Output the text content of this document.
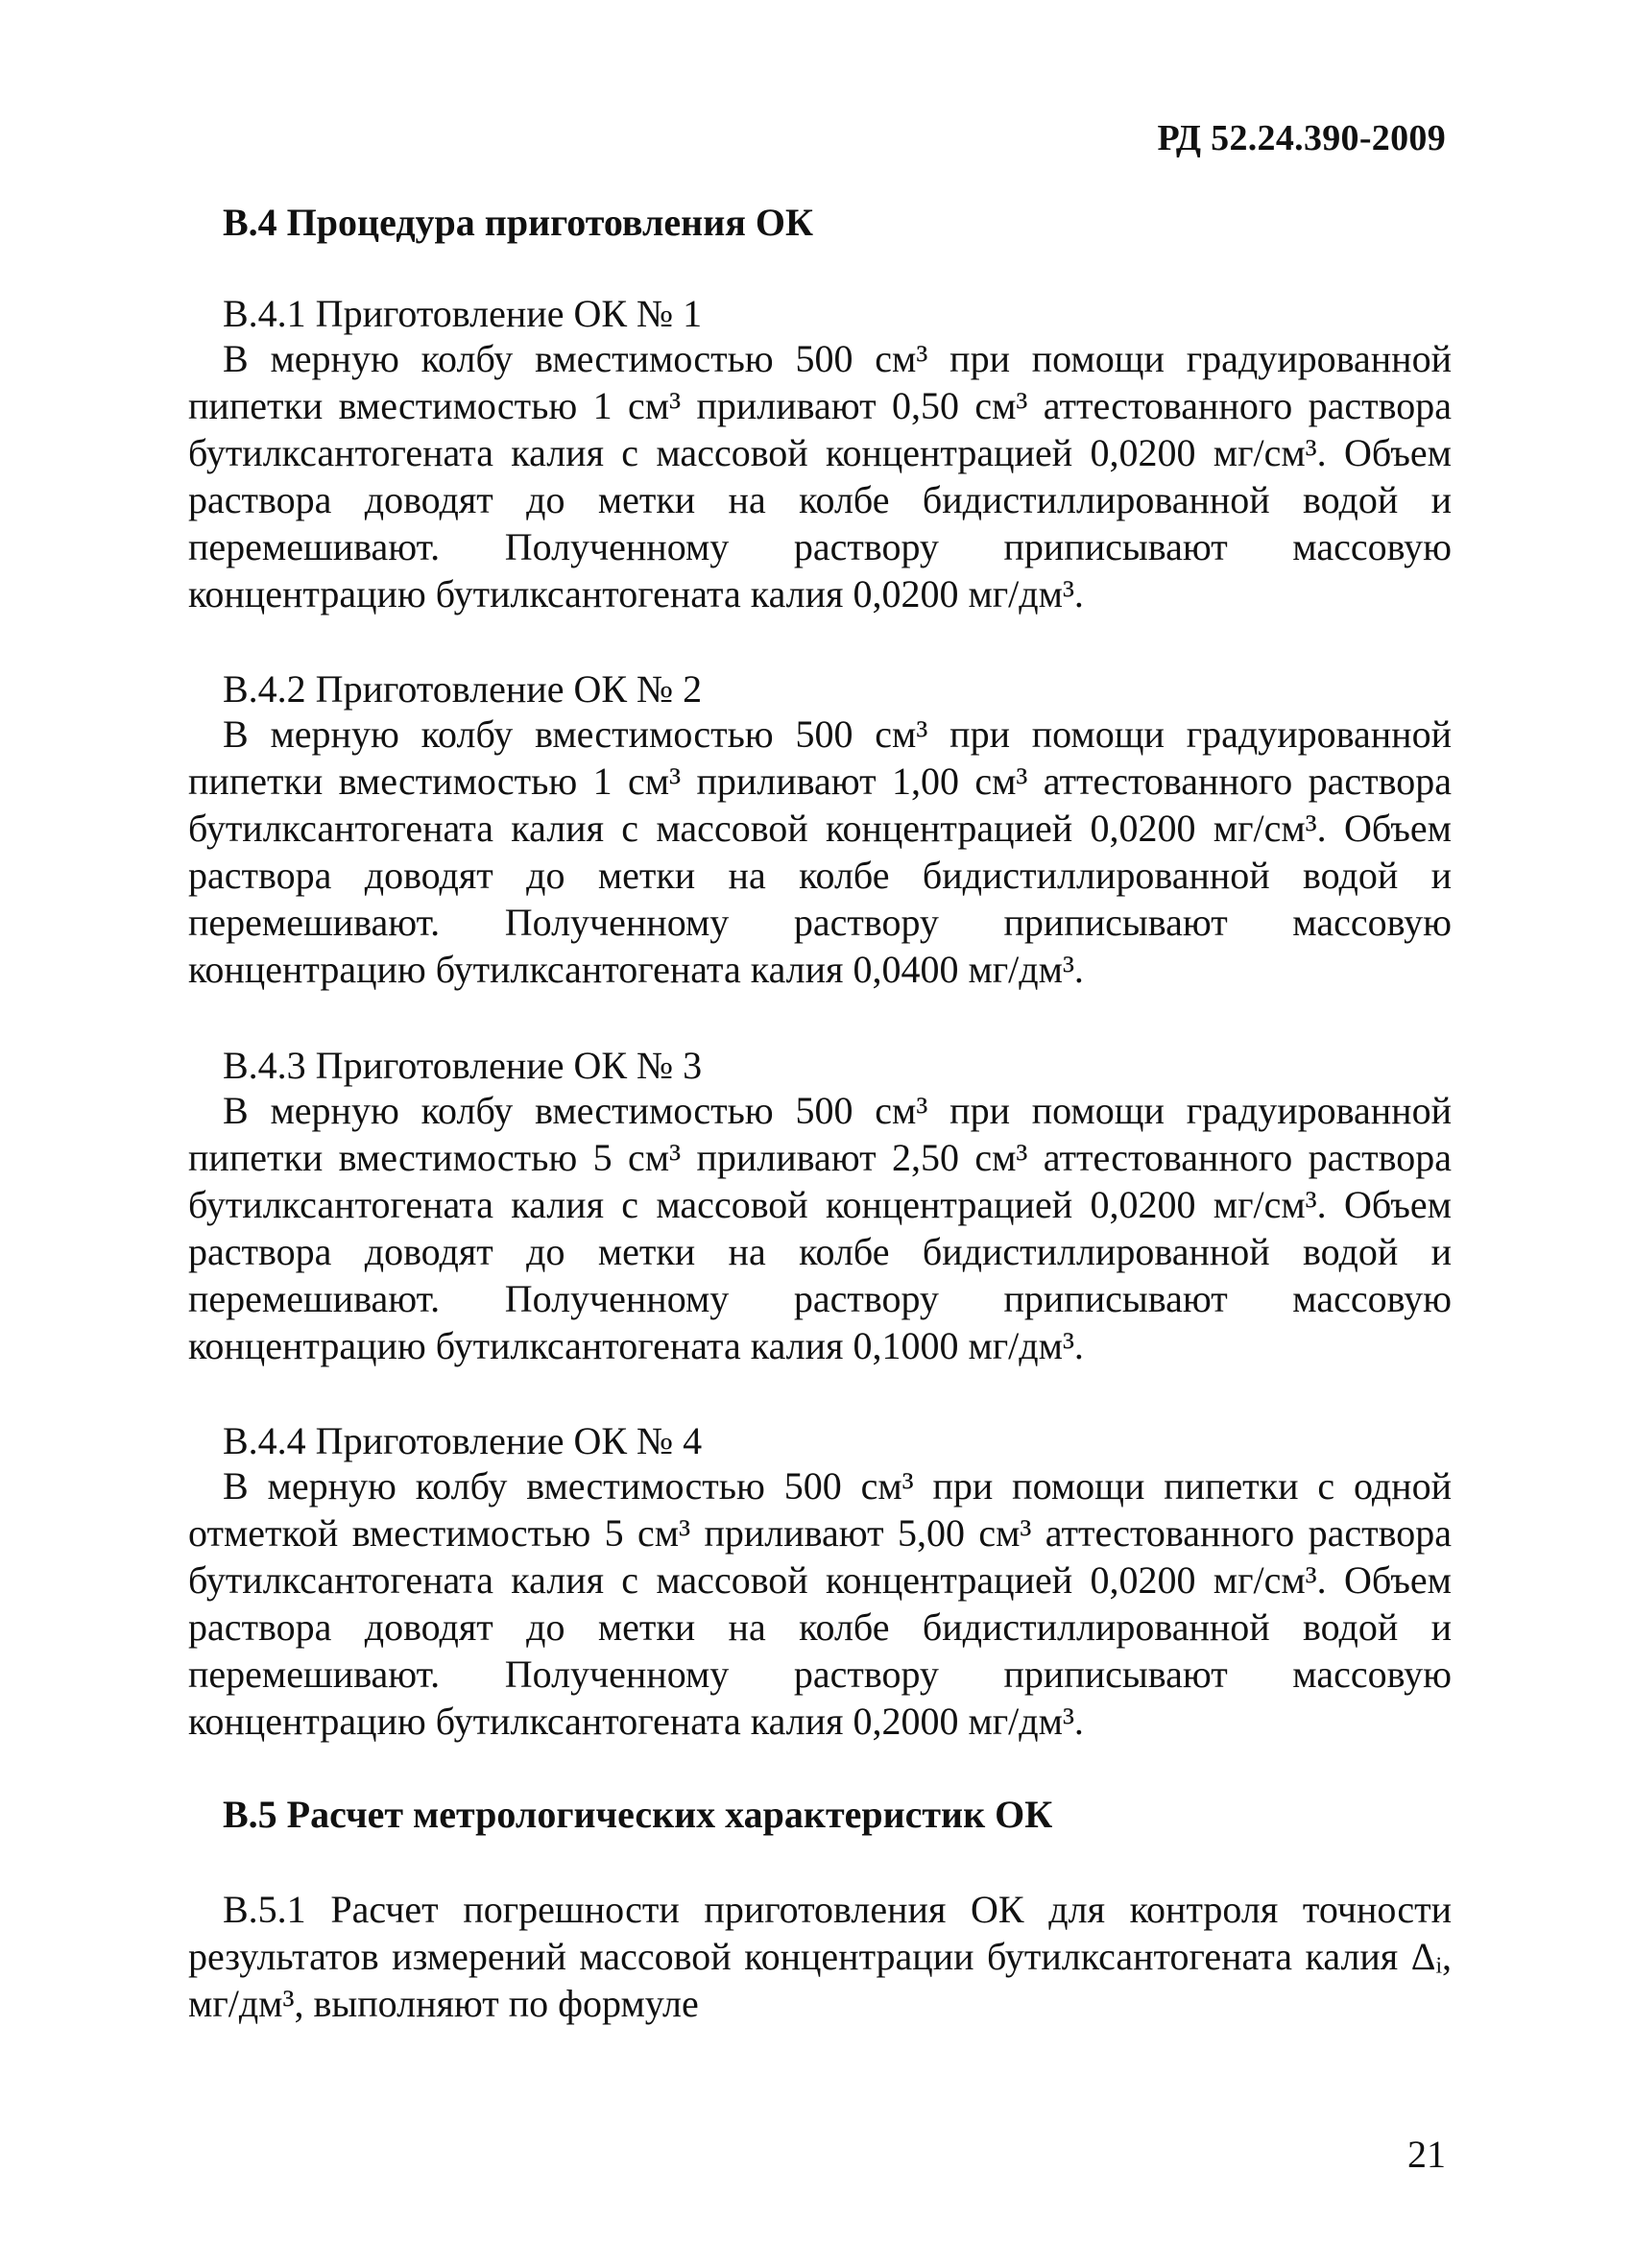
РД 52.24.390-2009
В.4 Процедура приготовления ОК
В.4.1 Приготовление ОК № 1
В мерную колбу вместимостью 500 см³ при помощи градуированной пипетки вместимостью 1 см³ приливают 0,50 см³ аттестованного раствора бутилксантогената калия с массовой концентрацией 0,0200 мг/см³. Объем раствора доводят до метки на колбе бидистиллированной водой и перемешивают. Полученному раствору приписывают массовую концентрацию бутилксантогената калия 0,0200 мг/дм³.
В.4.2 Приготовление ОК № 2
В мерную колбу вместимостью 500 см³ при помощи градуированной пипетки вместимостью 1 см³ приливают 1,00 см³ аттестованного раствора бутилксантогената калия с массовой концентрацией 0,0200 мг/см³. Объем раствора доводят до метки на колбе бидистиллированной водой и перемешивают. Полученному раствору приписывают массовую концентрацию бутилксантогената калия 0,0400 мг/дм³.
В.4.3 Приготовление ОК № 3
В мерную колбу вместимостью 500 см³ при помощи градуированной пипетки вместимостью 5 см³ приливают 2,50 см³ аттестованного раствора бутилксантогената калия с массовой концентрацией 0,0200 мг/см³. Объем раствора доводят до метки на колбе бидистиллированной водой и перемешивают. Полученному раствору приписывают массовую концентрацию бутилксантогената калия 0,1000 мг/дм³.
В.4.4 Приготовление ОК № 4
В мерную колбу вместимостью 500 см³ при помощи пипетки с одной отметкой вместимостью 5 см³ приливают 5,00 см³ аттестованного раствора бутилксантогената калия с массовой концентрацией 0,0200 мг/см³. Объем раствора доводят до метки на колбе бидистиллированной водой и перемешивают. Полученному раствору приписывают массовую концентрацию бутилксантогената калия 0,2000 мг/дм³.
В.5 Расчет метрологических характеристик ОК
В.5.1 Расчет погрешности приготовления ОК для контроля точности результатов измерений массовой концентрации бутилксантогената калия Δᵢ, мг/дм³, выполняют по формуле
21
